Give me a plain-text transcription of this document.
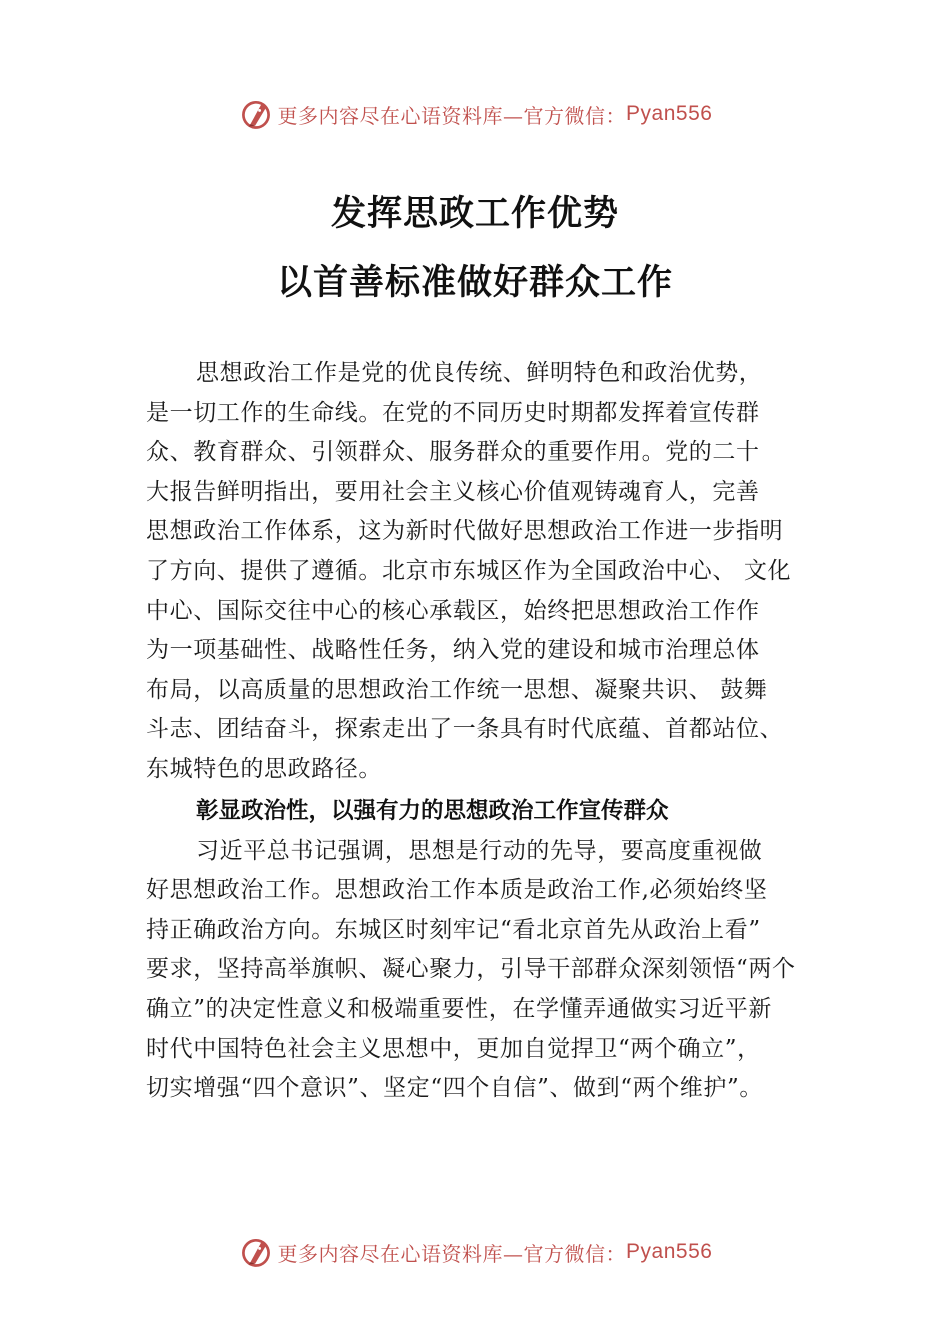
更多内容尽在心语资料库—官方微信： Pyan556
发挥思政工作优势
以首善标准做好群众工作
思想政治工作是党的优良传统、鲜明特色和政治优势，
是一切工作的生命线。在党的不同历史时期都发挥着宣传群
众、教育群众、引领群众、服务群众的重要作用。党的二十
大报告鲜明指出，要用社会主义核心价值观铸魂育人，完善
思想政治工作体系，这为新时代做好思想政治工作进一步指明
了方向、提供了遵循。北京市东城区作为全国政治中心、 文化
中心、国际交往中心的核心承载区，始终把思想政治工作作
为一项基础性、战略性任务，纳入党的建设和城市治理总体
布局，以高质量的思想政治工作统一思想、凝聚共识、 鼓舞
斗志、团结奋斗，探索走出了一条具有时代底蕴、首都站位、
东城特色的思政路径。
彰显政治性，以强有力的思想政治工作宣传群众
习近平总书记强调，思想是行动的先导，要高度重视做
好思想政治工作。思想政治工作本质是政治工作,必须始终坚
持正确政治方向。东城区时刻牢记“看北京首先从政治上看”
要求，坚持高举旗帜、凝心聚力，引导干部群众深刻领悟“两个
确立”的决定性意义和极端重要性，在学懂弄通做实习近平新
时代中国特色社会主义思想中，更加自觉捍卫“两个确立”，
切实增强“四个意识”、坚定“四个自信”、做到“两个维护”。
更多内容尽在心语资料库—官方微信： Pyan556
